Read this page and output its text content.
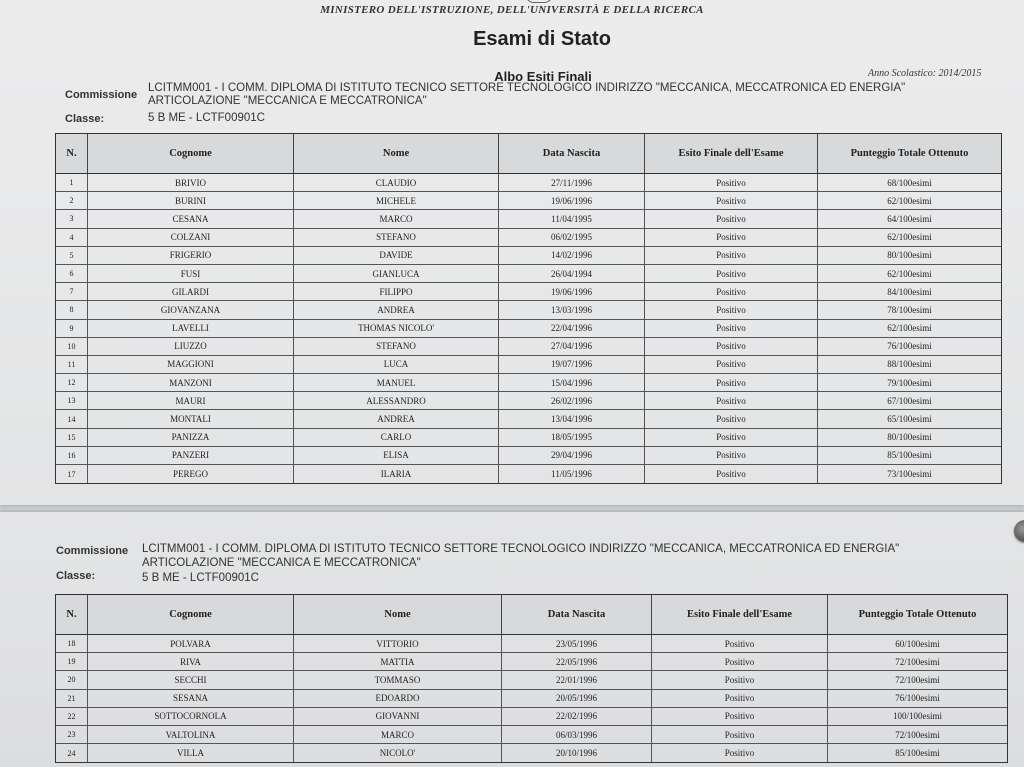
MINISTERO DELL'ISTRUZIONE, DELL'UNIVERSITÀ E DELLA RICERCA
Esami di Stato
Albo Esiti Finali	Anno Scolastico: 2014/2015
Commissione
LCITMM001 - I COMM. DIPLOMA DI ISTITUTO TECNICO SETTORE TECNOLOGICO INDIRIZZO "MECCANICA, MECCATRONICA ED ENERGIA"
ARTICOLAZIONE "MECCANICA E MECCATRONICA"
Classe:	5 B ME - LCTF00901C
N.	Cognome	Nome	Data Nascita	Esito Finale dell'Esame	Punteggio Totale Ottenuto
1	BRIVIO	CLAUDIO	27/11/1996	Positivo	68/100esimi
2	BURINI	MICHELE	19/06/1996	Positivo	62/100esimi
3	CESANA	MARCO	11/04/1995	Positivo	64/100esimi
4	COLZANI	STEFANO	06/02/1995	Positivo	62/100esimi
5	FRIGERIO	DAVIDE	14/02/1996	Positivo	80/100esimi
6	FUSI	GIANLUCA	26/04/1994	Positivo	62/100esimi
7	GILARDI	FILIPPO	19/06/1996	Positivo	84/100esimi
8	GIOVANZANA	ANDREA	13/03/1996	Positivo	78/100esimi
9	LAVELLI	THOMAS NICOLO'	22/04/1996	Positivo	62/100esimi
10	LIUZZO	STEFANO	27/04/1996	Positivo	76/100esimi
11	MAGGIONI	LUCA	19/07/1996	Positivo	88/100esimi
12	MANZONI	MANUEL	15/04/1996	Positivo	79/100esimi
13	MAURI	ALESSANDRO	26/02/1996	Positivo	67/100esimi
14	MONTALI	ANDREA	13/04/1996	Positivo	65/100esimi
15	PANIZZA	CARLO	18/05/1995	Positivo	80/100esimi
16	PANZERI	ELISA	29/04/1996	Positivo	85/100esimi
17	PEREGO	ILARIA	11/05/1996	Positivo	73/100esimi
Commissione LCITMM001 - I COMM. DIPLOMA DI ISTITUTO TECNICO SETTORE TECNOLOGICO INDIRIZZO "MECCANICA, MECCATRONICA ED ENERGIA"
ARTICOLAZIONE "MECCANICA E MECCATRONICA"
Classe:	5 B ME - LCTF00901C
N.	Cognome	Nome	Data Nascita	Esito Finale dell'Esame	Punteggio Totale Ottenuto
18	POLVARA	VITTORIO	23/05/1996	Positivo	60/100esimi
19	RIVA	MATTIA	22/05/1996	Positivo	72/100esimi
20	SECCHI	TOMMASO	22/01/1996	Positivo	72/100esimi
21	SESANA	EDOARDO	20/05/1996	Positivo	76/100esimi
22	SOTTOCORNOLA	GIOVANNI	22/02/1996	Positivo	100/100esimi
23	VALTOLINA	MARCO	06/03/1996	Positivo	72/100esimi
24	VILLA	NICOLO'	20/10/1996	Positivo	85/100esimi
